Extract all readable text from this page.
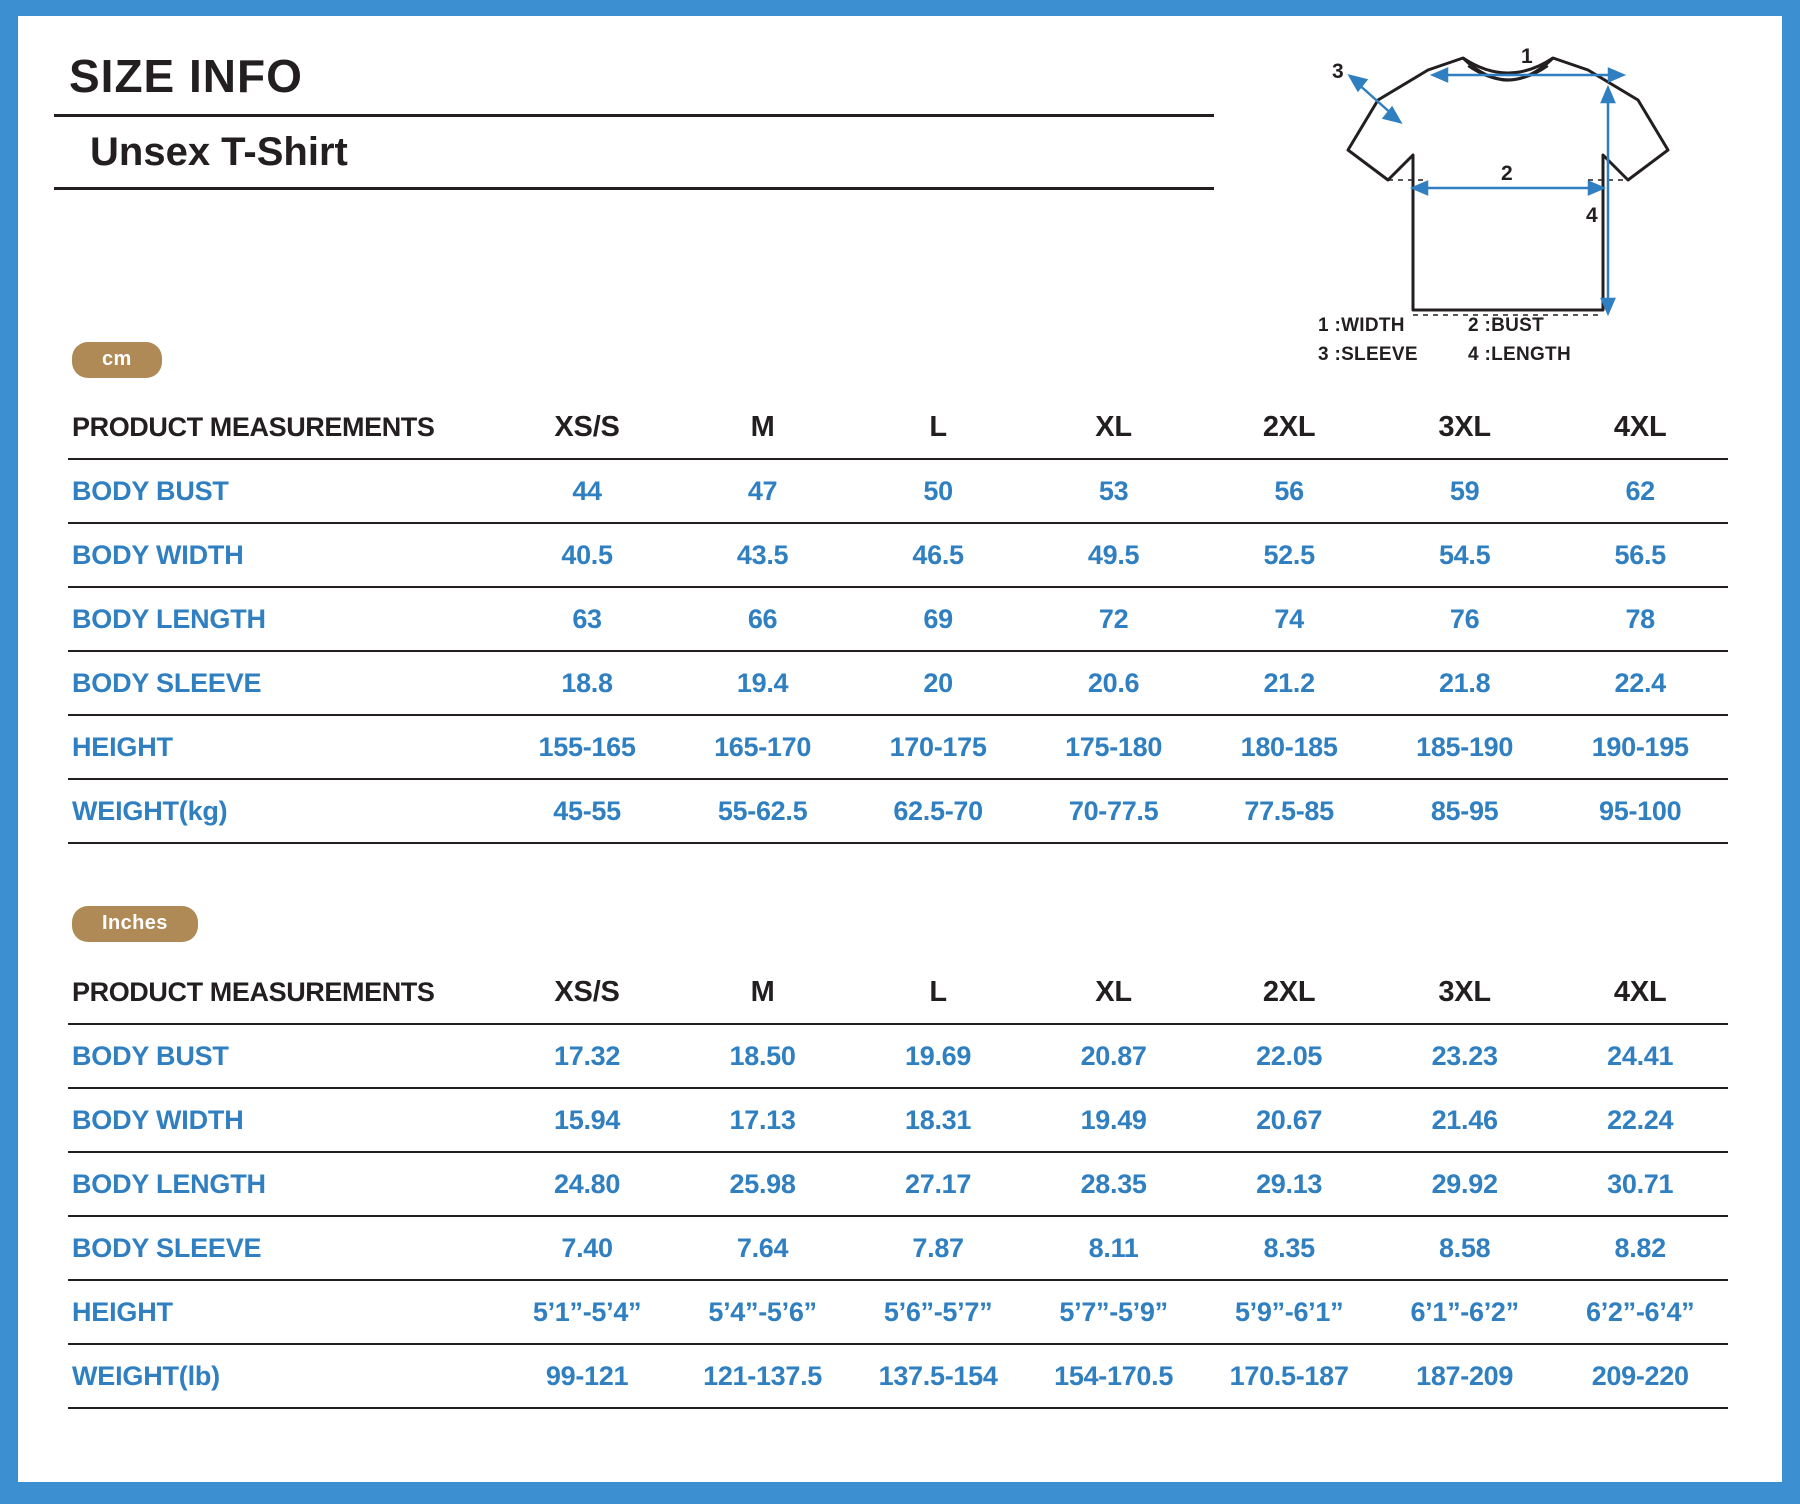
SIZE INFO
Unsex T-Shirt
1
2
3
4
1 :WIDTH	2 :BUST
3 :SLEEVE	4 :LENGTH
cm
PRODUCT MEASUREMENTS	XS/S	M	L	XL	2XL	3XL	4XL
BODY BUST	44	47	50	53	56	59	62
BODY WIDTH	40.5	43.5	46.5	49.5	52.5	54.5	56.5
BODY LENGTH	63	66	69	72	74	76	78
BODY SLEEVE	18.8	19.4	20	20.6	21.2	21.8	22.4
HEIGHT	155-165	165-170	170-175	175-180	180-185	185-190	190-195
WEIGHT(kg)	45-55	55-62.5	62.5-70	70-77.5	77.5-85	85-95	95-100
Inches
PRODUCT MEASUREMENTS	XS/S	M	L	XL	2XL	3XL	4XL
BODY BUST	17.32	18.50	19.69	20.87	22.05	23.23	24.41
BODY WIDTH	15.94	17.13	18.31	19.49	20.67	21.46	22.24
BODY LENGTH	24.80	25.98	27.17	28.35	29.13	29.92	30.71
BODY SLEEVE	7.40	7.64	7.87	8.11	8.35	8.58	8.82
HEIGHT	5’1”-5’4”	5’4”-5’6”	5’6”-5’7”	5’7”-5’9”	5’9”-6’1”	6’1”-6’2”	6’2”-6’4”
WEIGHT(lb)	99-121	121-137.5	137.5-154	154-170.5	170.5-187	187-209	209-220
